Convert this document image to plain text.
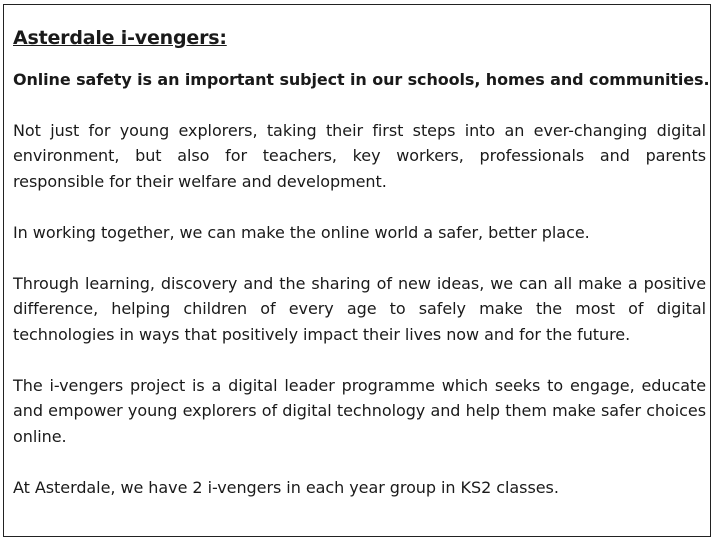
Asterdale i-vengers:
Online safety is an important subject in our schools, homes and communities.

Not just for young explorers, taking their first steps into an ever-changing digital environment, but also for teachers, key workers, professionals and parents responsible for their welfare and development.

In working together, we can make the online world a safer, better place.

Through learning, discovery and the sharing of new ideas, we can all make a positive difference, helping children of every age to safely make the most of digital technologies in ways that positively impact their lives now and for the future.

The i-vengers project is a digital leader programme which seeks to engage, educate and empower young explorers of digital technology and help them make safer choices online.

At Asterdale, we have 2 i-vengers in each year group in KS2 classes.
